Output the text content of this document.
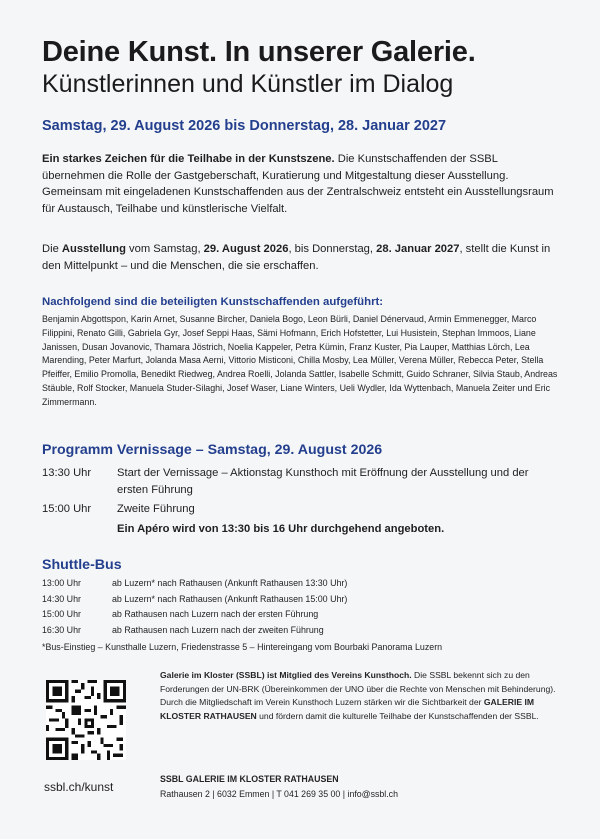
Deine Kunst. In unserer Galerie.
Künstlerinnen und Künstler im Dialog
Samstag, 29. August 2026 bis Donnerstag, 28. Januar 2027
Ein starkes Zeichen für die Teilhabe in der Kunstszene. Die Kunstschaffenden der SSBL übernehmen die Rolle der Gastgeberschaft, Kuratierung und Mitgestaltung dieser Ausstellung. Gemeinsam mit eingeladenen Kunstschaffenden aus der Zentralschweiz entsteht ein Ausstellungsraum für Austausch, Teilhabe und künstlerische Vielfalt.
Die Ausstellung vom Samstag, 29. August 2026, bis Donnerstag, 28. Januar 2027, stellt die Kunst in den Mittelpunkt – und die Menschen, die sie erschaffen.
Nachfolgend sind die beteiligten Kunstschaffenden aufgeführt:
Benjamin Abgottspon, Karin Arnet, Susanne Bircher, Daniela Bogo, Leon Bürli, Daniel Dénervaud, Armin Emmenegger, Marco Filippini, Renato Gilli, Gabriela Gyr, Josef Seppi Haas, Sämi Hofmann, Erich Hofstetter, Lui Husistein, Stephan Immoos, Liane Janissen, Dusan Jovanovic, Thamara Jöstrich, Noelia Kappeler, Petra Kümin, Franz Kuster, Pia Lauper, Matthias Lörch, Lea Marending, Peter Marfurt, Jolanda Masa Aerni, Vittorio Misticoni, Chilla Mosby, Lea Müller, Verena Müller, Rebecca Peter, Stella Pfeiffer, Emilio Promolla, Benedikt Riedweg, Andrea Roelli, Jolanda Sattler, Isabelle Schmitt, Guido Schraner, Silvia Staub, Andreas Stäuble, Rolf Stocker, Manuela Studer-Silaghi, Josef Waser, Liane Winters, Ueli Wydler, Ida Wyttenbach, Manuela Zeiter und Eric Zimmermann.
Programm Vernissage – Samstag, 29. August 2026
13:30 Uhr	Start der Vernissage – Aktionstag Kunsthoch mit Eröffnung der Ausstellung und der ersten Führung
15:00 Uhr	Zweite Führung
Ein Apéro wird von 13:30 bis 16 Uhr durchgehend angeboten.
Shuttle-Bus
13:00 Uhr	ab Luzern* nach Rathausen (Ankunft Rathausen 13:30 Uhr)
14:30 Uhr	ab Luzern* nach Rathausen (Ankunft Rathausen 15:00 Uhr)
15:00 Uhr	ab Rathausen nach Luzern nach der ersten Führung
16:30 Uhr	ab Rathausen nach Luzern nach der zweiten Führung
*Bus-Einstieg – Kunsthalle Luzern, Friedenstrasse 5 – Hintereingang vom Bourbaki Panorama Luzern
ssbl.ch/kunst
Galerie im Kloster (SSBL) ist Mitglied des Vereins Kunsthoch. Die SSBL bekennt sich zu den Forderungen der UN-BRK (Übereinkommen der UNO über die Rechte von Menschen mit Behinderung). Durch die Mitgliedschaft im Verein Kunsthoch Luzern stärken wir die Sichtbarkeit der GALERIE IM KLOSTER RATHAUSEN und fördern damit die kulturelle Teilhabe der Kunstschaffenden der SSBL.
SSBL GALERIE IM KLOSTER RATHAUSEN
Rathausen 2 | 6032 Emmen | T 041 269 35 00 | info@ssbl.ch
